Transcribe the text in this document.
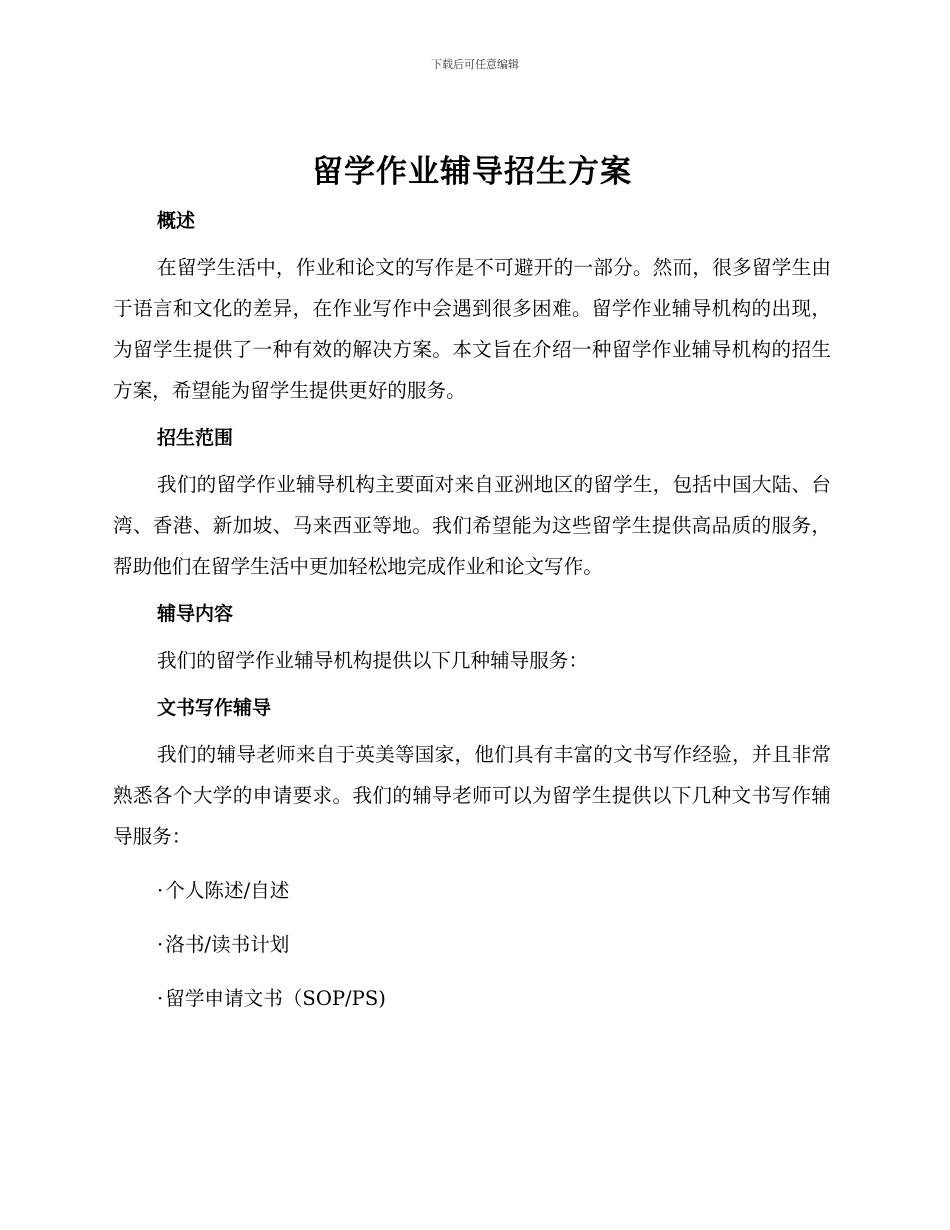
下载后可任意编辑
留学作业辅导招生方案
概述

在留学生活中，作业和论文的写作是不可避开的一部分。然而，很多留学生由于语言和文化的差异，在作业写作中会遇到很多困难。留学作业辅导机构的出现，为留学生提供了一种有效的解决方案。本文旨在介绍一种留学作业辅导机构的招生方案，希望能为留学生提供更好的服务。

招生范围

我们的留学作业辅导机构主要面对来自亚洲地区的留学生，包括中国大陆、台湾、香港、新加坡、马来西亚等地。我们希望能为这些留学生提供高品质的服务，帮助他们在留学生活中更加轻松地完成作业和论文写作。

辅导内容

我们的留学作业辅导机构提供以下几种辅导服务：

文书写作辅导

我们的辅导老师来自于英美等国家，他们具有丰富的文书写作经验，并且非常熟悉各个大学的申请要求。我们的辅导老师可以为留学生提供以下几种文书写作辅导服务：

· 个人陈述/自述
· 洛书/读书计划
· 留学申请文书（SOP/PS)
